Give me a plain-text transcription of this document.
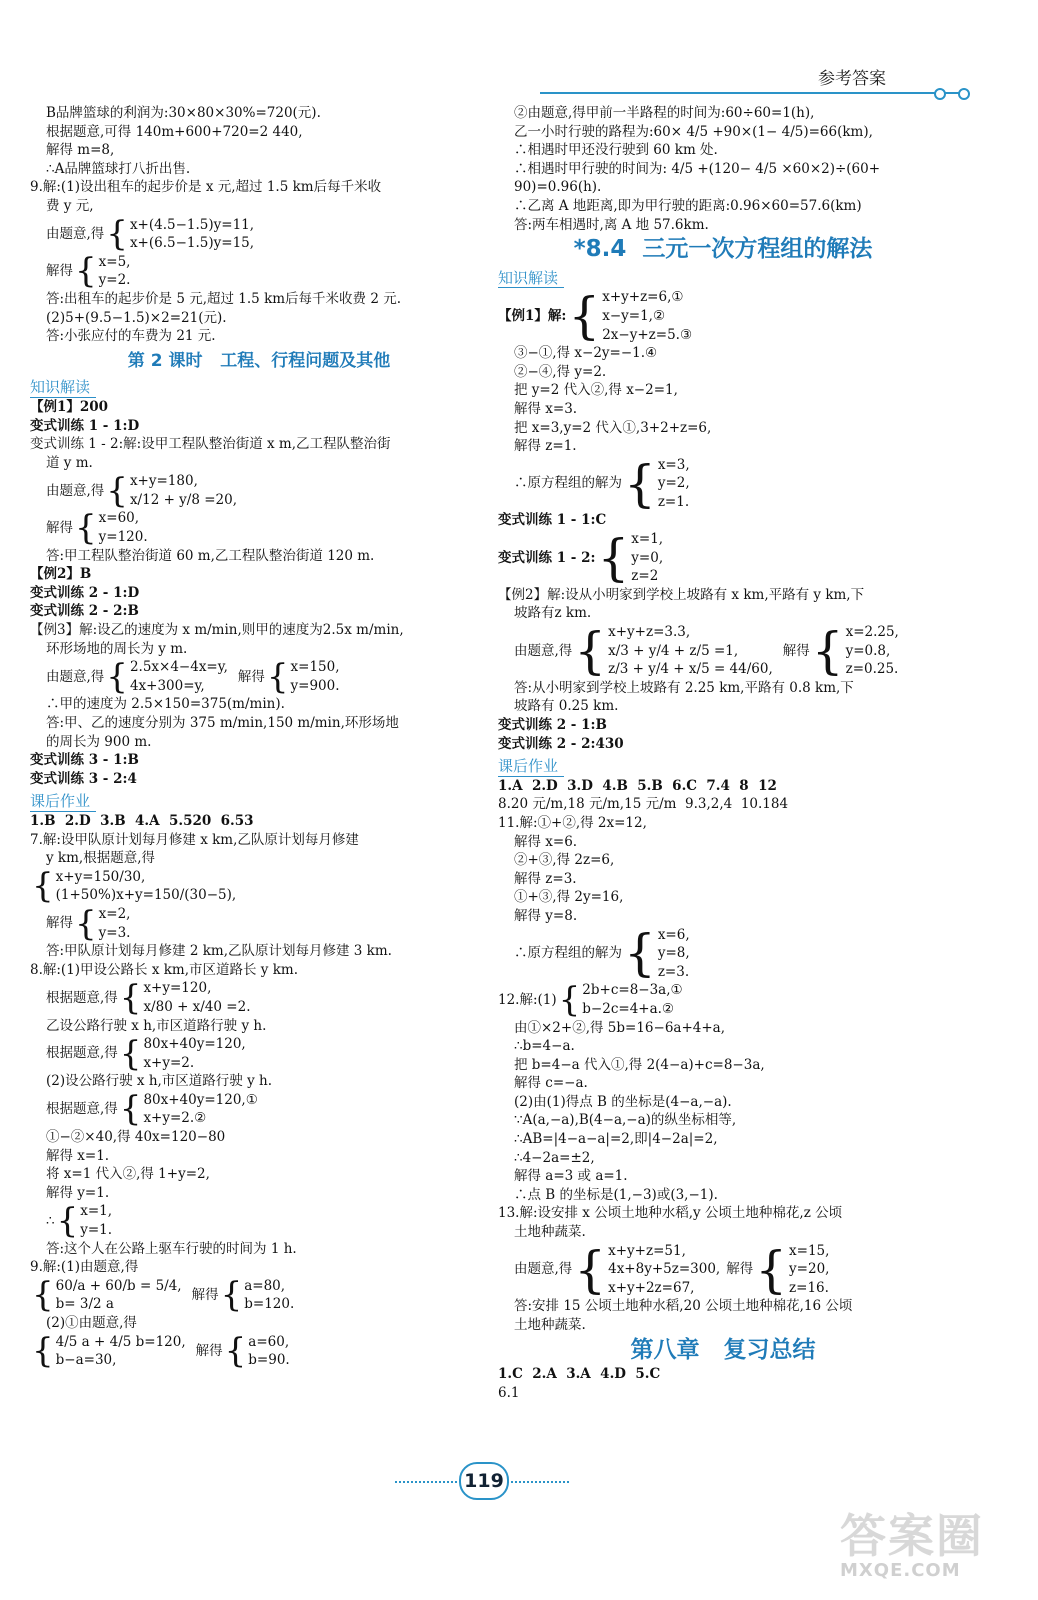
参考答案
B品牌篮球的利润为:30×80×30%=720(元).
根据题意,可得 140m+600+720=2 440,
解得 m=8,
∴A品牌篮球打八折出售.
9.解:(1)设出租车的起步价是 x 元,超过 1.5 km后每千米收
费 y 元,
由题意,得 { x+(4.5−1.5)y=11,
x+(6.5−1.5)y=15,
解得 { x=5,
y=2.
答:出租车的起步价是 5 元,超过 1.5 km后每千米收费 2 元.
(2)5+(9.5−1.5)×2=21(元).
答:小张应付的车费为 21 元.
第 2 课时   工程、行程问题及其他
知识解读
【例1】200
变式训练 1 - 1:D
变式训练 1 - 2:解:设甲工程队整治街道 x m,乙工程队整治街
道 y m.
由题意,得 { x+y=180,
x/12 + y/8 =20,
解得 { x=60,
y=120.
答:甲工程队整治街道 60 m,乙工程队整治街道 120 m.
【例2】B
变式训练 2 - 1:D
变式训练 2 - 2:B
【例3】解:设乙的速度为 x m/min,则甲的速度为2.5x m/min,
环形场地的周长为 y m.
由题意,得 { 2.5x×4−4x=y,
4x+300=y,
解得 { x=150,
y=900.
∴甲的速度为 2.5×150=375(m/min).
答:甲、乙的速度分别为 375 m/min,150 m/min,环形场地
的周长为 900 m.
变式训练 3 - 1:B
变式训练 3 - 2:4
课后作业
1.B  2.D  3.B  4.A  5.520  6.53
7.解:设甲队原计划每月修建 x km,乙队原计划每月修建
y km,根据题意,得
{ x+y=150/30,
(1+50%)x+y=150/(30−5),
解得 { x=2,
y=3.
答:甲队原计划每月修建 2 km,乙队原计划每月修建 3 km.
8.解:(1)甲设公路长 x km,市区道路长 y km.
根据题意,得 { x+y=120,
x/80 + x/40 =2.
乙设公路行驶 x h,市区道路行驶 y h.
根据题意,得 { 80x+40y=120,
x+y=2.
(2)设公路行驶 x h,市区道路行驶 y h.
根据题意,得 { 80x+40y=120,①
x+y=2.②
①−②×40,得 40x=120−80
解得 x=1.
将 x=1 代入②,得 1+y=2,
解得 y=1.
∴ { x=1,
y=1.
答:这个人在公路上驱车行驶的时间为 1 h.
9.解:(1)由题意,得
{ 60/a + 60/b = 5/4,
b= 3/2 a
解得 { a=80,
b=120.
(2)①由题意,得
{ 4/5 a + 4/5 b=120,
b−a=30,
解得 { a=60,
b=90.
②由题意,得甲前一半路程的时间为:60÷60=1(h),
乙一小时行驶的路程为:60× 4/5 +90×(1− 4/5)=66(km),
∴相遇时甲还没行驶到 60 km 处.
∴相遇时甲行驶的时间为: 4/5 +(120− 4/5 ×60×2)÷(60+
90)=0.96(h).
∴乙离 A 地距离,即为甲行驶的距离:0.96×60=57.6(km)
答:两车相遇时,离 A 地 57.6km.
*8.4  三元一次方程组的解法
知识解读
【例1】解: { x+y+z=6,①
x−y=1,②
2x−y+z=5.③
③−①,得 x−2y=−1.④
②−④,得 y=2.
把 y=2 代入②,得 x−2=1,
解得 x=3.
把 x=3,y=2 代入①,3+2+z=6,
解得 z=1.
∴原方程组的解为 { x=3,
y=2,
z=1.
变式训练 1 - 1:C
变式训练 1 - 2: { x=1,
y=0,
z=2
【例2】解:设从小明家到学校上坡路有 x km,平路有 y km,下
坡路有z km.
由题意,得 { x+y+z=3.3,
x/3 + y/4 + z/5 =1,
z/3 + y/4 + x/5 = 44/60,
解得 { x=2.25,
y=0.8,
z=0.25.
答:从小明家到学校上坡路有 2.25 km,平路有 0.8 km,下
坡路有 0.25 km.
变式训练 2 - 1:B
变式训练 2 - 2:430
课后作业
1.A  2.D  3.D  4.B  5.B  6.C  7.4  8  12
8.20 元/m,18 元/m,15 元/m  9.3,2,4  10.184
11.解:①+②,得 2x=12,
解得 x=6.
②+③,得 2z=6,
解得 z=3.
①+③,得 2y=16,
解得 y=8.
∴原方程组的解为 { x=6,
y=8,
z=3.
12.解:(1) { 2b+c=8−3a,①
b−2c=4+a.②
由①×2+②,得 5b=16−6a+4+a,
∴b=4−a.
把 b=4−a 代入①,得 2(4−a)+c=8−3a,
解得 c=−a.
(2)由(1)得点 B 的坐标是(4−a,−a).
∵A(a,−a),B(4−a,−a)的纵坐标相等,
∴AB=|4−a−a|=2,即|4−2a|=2,
∴4−2a=±2,
解得 a=3 或 a=1.
∴点 B 的坐标是(1,−3)或(3,−1).
13.解:设安排 x 公顷土地种水稻,y 公顷土地种棉花,z 公顷
土地种蔬菜.
由题意,得 { x+y+z=51,
4x+8y+5z=300,
x+y+2z=67,
解得 { x=15,
y=20,
z=16.
答:安排 15 公顷土地种水稻,20 公顷土地种棉花,16 公顷
土地种蔬菜.
第八章   复习总结
1.C  2.A  3.A  4.D  5.C
6.1
119
答案圈
MXQE.COM
